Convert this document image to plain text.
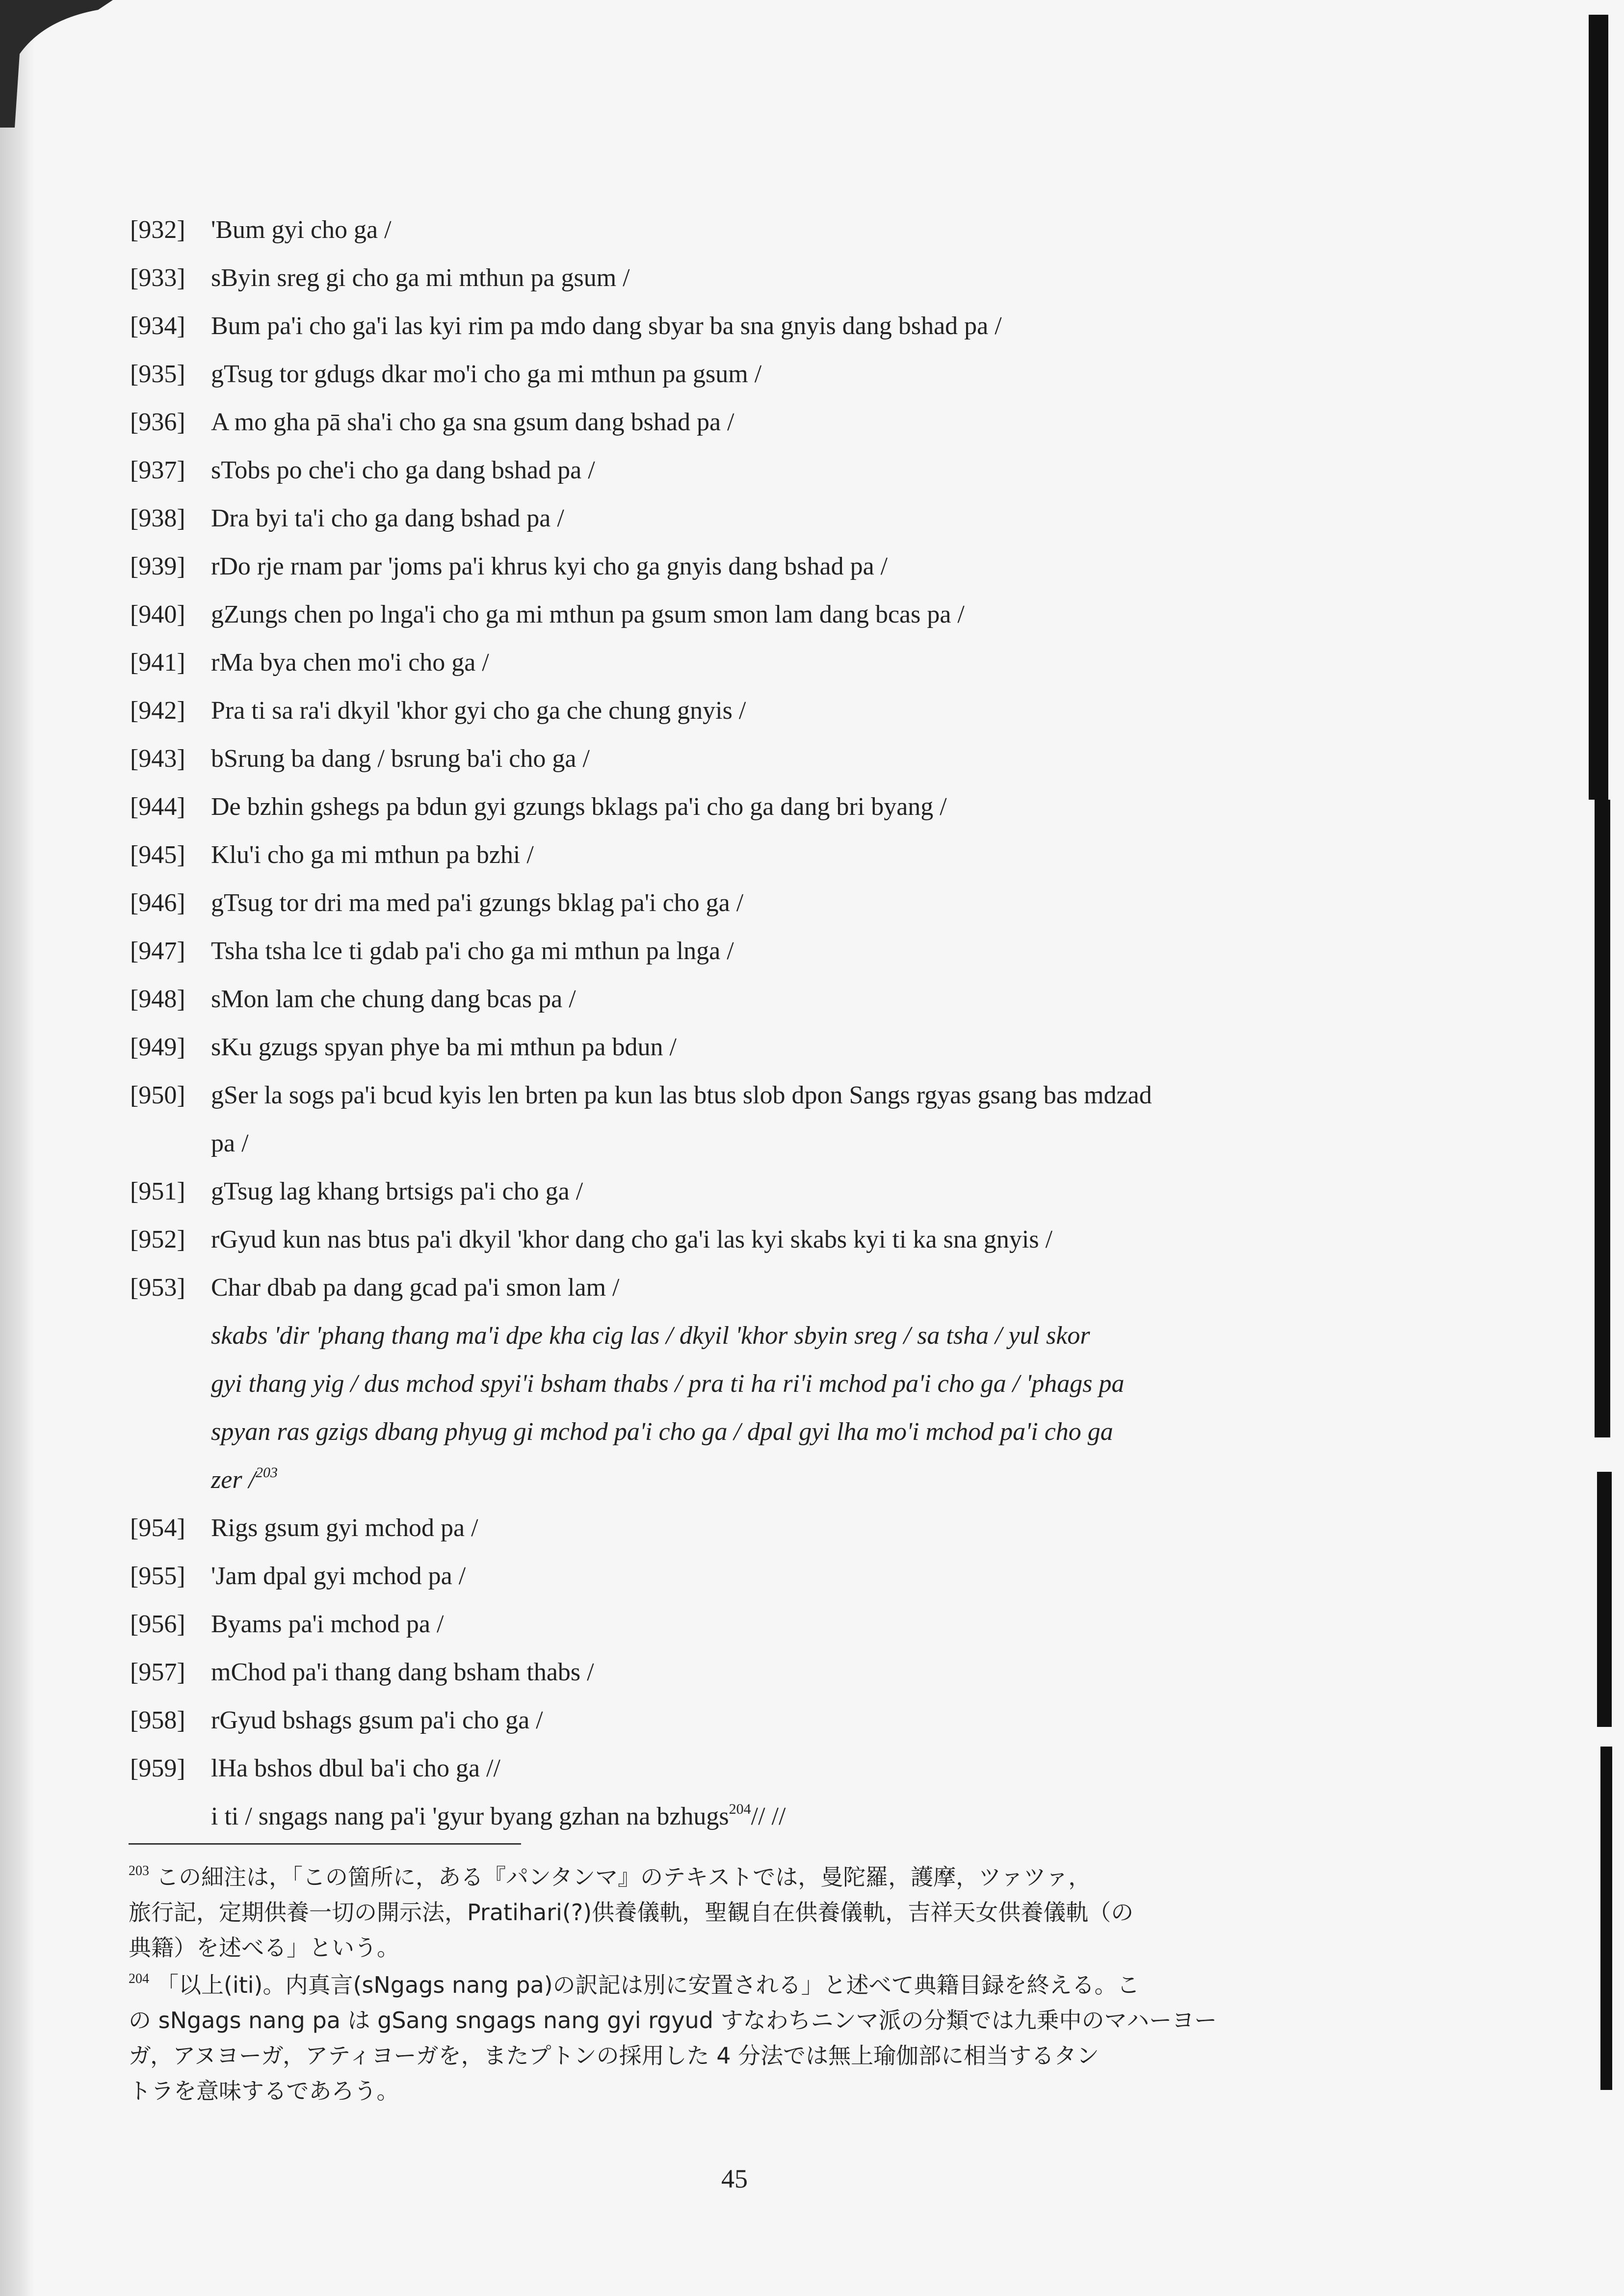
[932]	'Bum gyi cho ga /
[933]	sByin sreg gi cho ga mi mthun pa gsum /
[934]	Bum pa'i cho ga'i las kyi rim pa mdo dang sbyar ba sna gnyis dang bshad pa /
[935]	gTsug tor gdugs dkar mo'i cho ga mi mthun pa gsum /
[936]	A mo gha pā sha'i cho ga sna gsum dang bshad pa /
[937]	sTobs po che'i cho ga dang bshad pa /
[938]	Dra byi ta'i cho ga dang bshad pa /
[939]	rDo rje rnam par 'joms pa'i khrus kyi cho ga gnyis dang bshad pa /
[940]	gZungs chen po lnga'i cho ga mi mthun pa gsum smon lam dang bcas pa /
[941]	rMa bya chen mo'i cho ga /
[942]	Pra ti sa ra'i dkyil 'khor gyi cho ga che chung gnyis /
[943]	bSrung ba dang / bsrung ba'i cho ga /
[944]	De bzhin gshegs pa bdun gyi gzungs bklags pa'i cho ga dang bri byang /
[945]	Klu'i cho ga mi mthun pa bzhi /
[946]	gTsug tor dri ma med pa'i gzungs bklag pa'i cho ga /
[947]	Tsha tsha lce ti gdab pa'i cho ga mi mthun pa lnga /
[948]	sMon lam che chung dang bcas pa /
[949]	sKu gzugs spyan phye ba mi mthun pa bdun /
[950]	gSer la sogs pa'i bcud kyis len brten pa kun las btus slob dpon Sangs rgyas gsang bas mdzad
pa /
[951]	gTsug lag khang brtsigs pa'i cho ga /
[952]	rGyud kun nas btus pa'i dkyil 'khor dang cho ga'i las kyi skabs kyi ti ka sna gnyis /
[953]	Char dbab pa dang gcad pa'i smon lam /
skabs 'dir 'phang thang ma'i dpe kha cig las / dkyil 'khor sbyin sreg / sa tsha / yul skor
gyi thang yig / dus mchod spyi'i bsham thabs / pra ti ha ri'i mchod pa'i cho ga / 'phags pa
spyan ras gzigs dbang phyug gi mchod pa'i cho ga / dpal gyi lha mo'i mchod pa'i cho ga
zer /$^{203}$
[954]	Rigs gsum gyi mchod pa /
[955]	'Jam dpal gyi mchod pa /
[956]	Byams pa'i mchod pa /
[957]	mChod pa'i thang dang bsham thabs /
[958]	rGyud bshags gsum pa'i cho ga /
[959]	lHa bshos dbul ba'i cho ga //
i ti / sngags nang pa'i 'gyur byang gzhan na bzhugs$^{204}$// //
$^{203}$ この細注は，「この箇所に，ある『パンタンマ』のテキストでは，曼陀羅，護摩，ツァツァ，
旅行記，定期供養一切の開示法，Pratihari(?)供養儀軌，聖観自在供養儀軌，吉祥天女供養儀軌（の
典籍）を述べる」という。
$^{204}$ 「以上(iti)。内真言(sNgags nang pa)の訳記は別に安置される」と述べて典籍目録を終える。こ
の sNgags nang pa は gSang sngags nang gyi rgyud すなわちニンマ派の分類では九乗中のマハーヨー
ガ，アヌヨーガ，アティヨーガを，またプトンの採用した 4 分法では無上瑜伽部に相当するタン
トラを意味するであろう。
45
